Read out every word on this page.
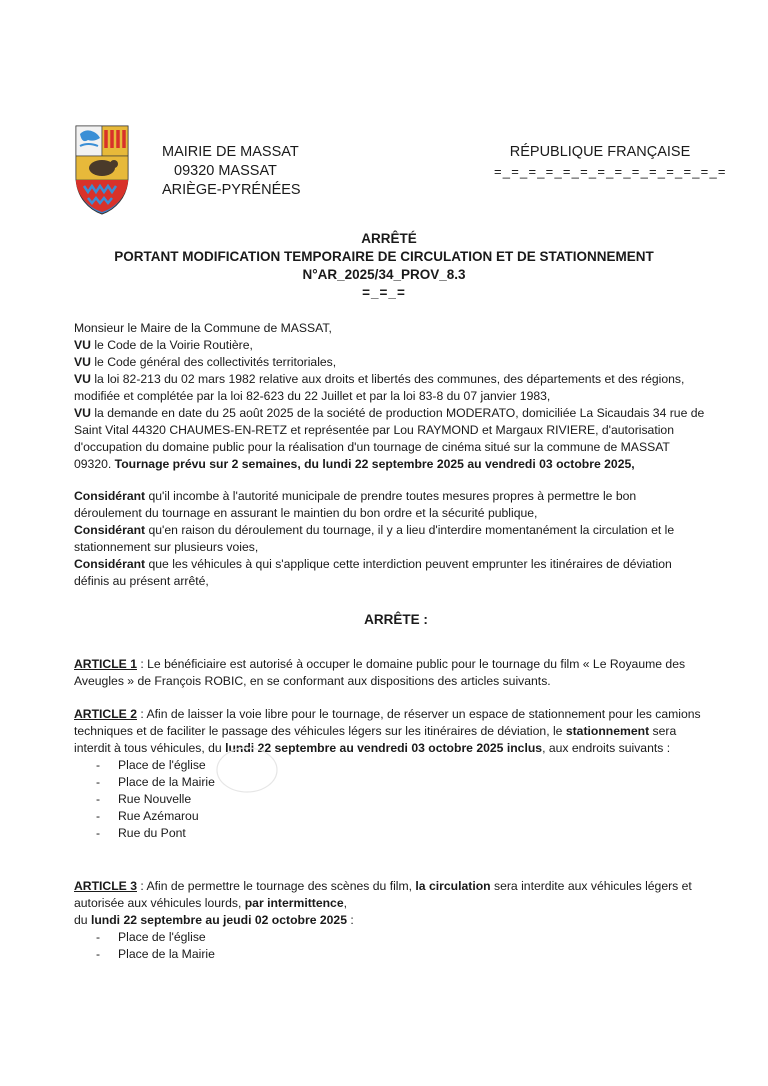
MAIRIE DE MASSAT
09320 MASSAT
ARIÈGE-PYRÉNÉES
RÉPUBLIQUE FRANÇAISE
=_=_=_=_=_=_=_=_=_=_=_=_=_=
ARRÊTÉ
PORTANT MODIFICATION TEMPORAIRE DE CIRCULATION ET DE STATIONNEMENT
N°AR_2025/34_PROV_8.3
=_=_=

Monsieur le Maire de la Commune de MASSAT,

VU le Code de la Voirie Routière,

VU le Code général des collectivités territoriales,

VU la loi 82-213 du 02 mars 1982 relative aux droits et libertés des communes, des départements et des régions, modifiée et complétée par la loi 82-623 du 22 Juillet et par la loi 83-8 du 07 janvier 1983,

VU la demande en date du 25 août 2025 de la société de production MODERATO, domiciliée La Sicaudais 34 rue de Saint Vital 44320 CHAUMES-EN-RETZ et représentée par Lou RAYMOND et Margaux RIVIERE, d'autorisation d'occupation du domaine public pour la réalisation d'un tournage de cinéma situé sur la commune de MASSAT 09320. Tournage prévu sur 2 semaines, du lundi 22 septembre 2025 au vendredi 03 octobre 2025,

Considérant qu'il incombe à l'autorité municipale de prendre toutes mesures propres à permettre le bon déroulement du tournage en assurant le maintien du bon ordre et la sécurité publique,

Considérant qu'en raison du déroulement du tournage, il y a lieu d'interdire momentanément la circulation et le stationnement sur plusieurs voies,

Considérant que les véhicules à qui s'applique cette interdiction peuvent emprunter les itinéraires de déviation définis au présent arrêté,

ARRÊTE :

ARTICLE 1 : Le bénéficiaire est autorisé à occuper le domaine public pour le tournage du film « Le Royaume des Aveugles » de François ROBIC, en se conformant aux dispositions des articles suivants.

ARTICLE 2 : Afin de laisser la voie libre pour le tournage, de réserver un espace de stationnement pour les camions techniques et de faciliter le passage des véhicules légers sur les itinéraires de déviation, le stationnement sera interdit à tous véhicules, du lundi 22 septembre au vendredi 03 octobre 2025 inclus, aux endroits suivants :

- Place de l'église
- Place de la Mairie
- Rue Nouvelle
- Rue Azémarou
- Rue du Pont

ARTICLE 3 : Afin de permettre le tournage des scènes du film, la circulation sera interdite aux véhicules légers et autorisée aux véhicules lourds, par intermittence,

du lundi 22 septembre au jeudi 02 octobre 2025 :

- Place de l'église
- Place de la Mairie
